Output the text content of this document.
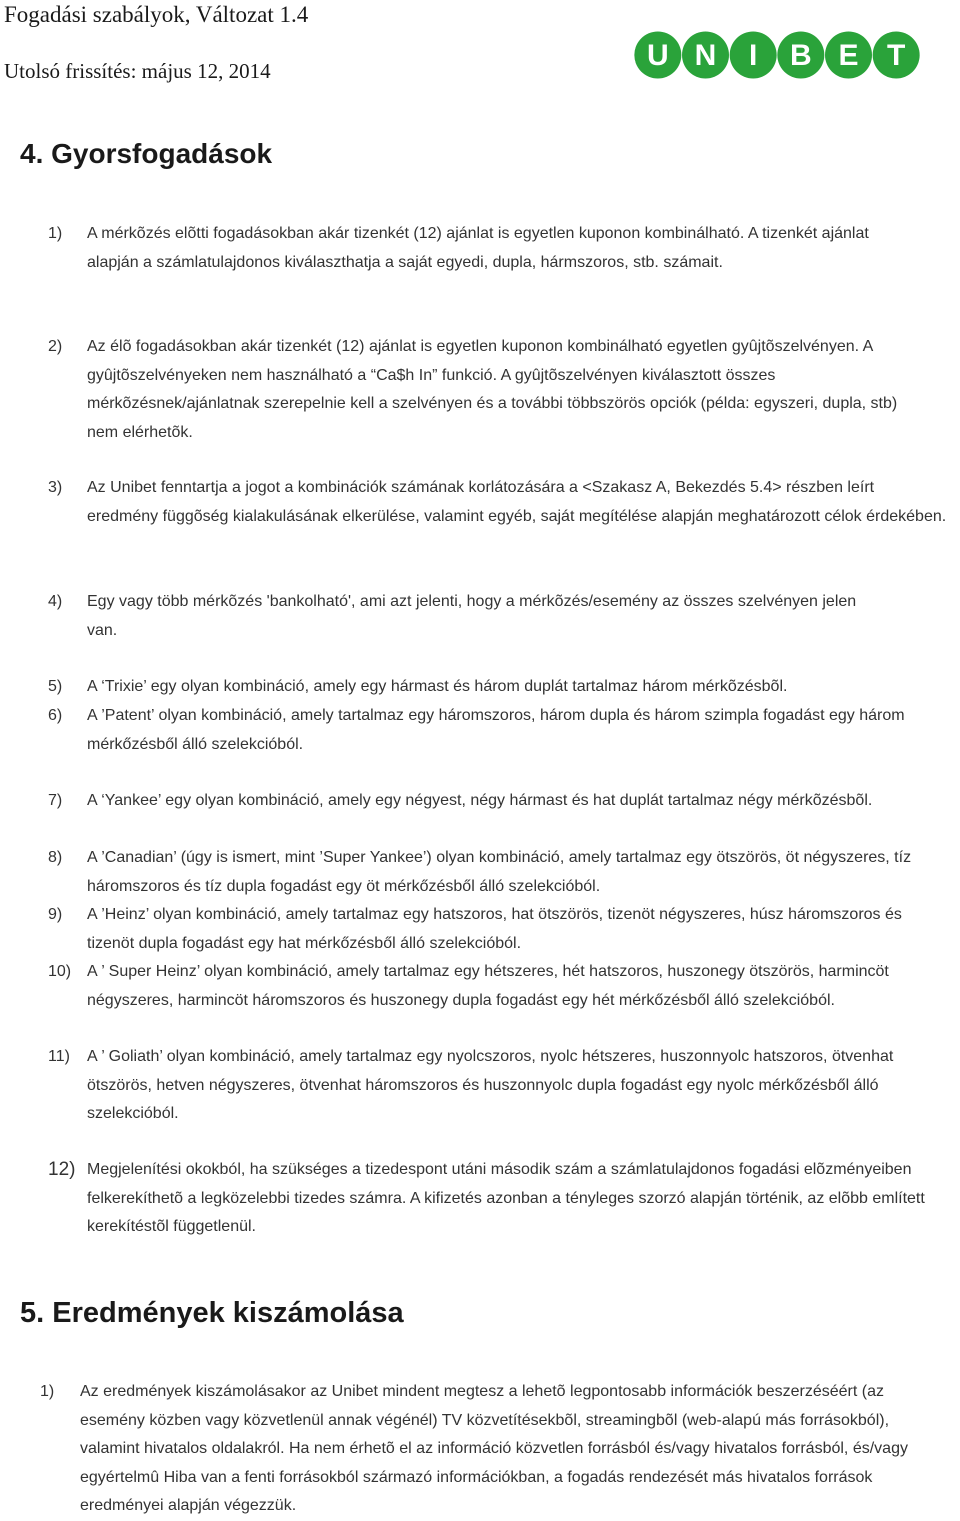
Fogadási szabályok, Változat 1.4
Utolsó frissítés: május 12, 2014	U N I B E T
4. Gyorsfogadások
1) A mérkõzés elõtti fogadásokban akár tizenkét (12) ajánlat is egyetlen kuponon kombinálható. A tizenkét ajánlat alapján a számlatulajdonos kiválaszthatja a saját egyedi, dupla, hármszoros, stb. számait.
2) Az élõ fogadásokban akár tizenkét (12) ajánlat is egyetlen kuponon kombinálható egyetlen gyûjtõszelvényen. A gyûjtõszelvényeken nem használható a “Ca$h In” funkció. A gyûjtõszelvényen kiválasztott összes mérkõzésnek/ajánlatnak szerepelnie kell a szelvényen és a további többszörös opciók (példa: egyszeri, dupla, stb) nem elérhetõk.
3) Az Unibet fenntartja a jogot a kombinációk számának korlátozására a <Szakasz A, Bekezdés 5.4> részben leírt eredmény függõség kialakulásának elkerülése, valamint egyéb, saját megítélése alapján meghatározott célok érdekében.
4) Egy vagy több mérkõzés 'bankolható', ami azt jelenti, hogy a mérkõzés/esemény az összes szelvényen jelen van.
5) A ‘Trixie’ egy olyan kombináció, amely egy hármast és három duplát tartalmaz három mérkõzésbõl.
6) A ’Patent’ olyan kombináció, amely tartalmaz egy háromszoros, három dupla és három szimpla fogadást egy három mérkőzésből álló szelekcióból.
7) A ‘Yankee’ egy olyan kombináció, amely egy négyest, négy hármast és hat duplát tartalmaz négy mérkõzésbõl.
8) A ’Canadian’ (úgy is ismert, mint ’Super Yankee’) olyan kombináció, amely tartalmaz egy ötszörös, öt négyszeres, tíz háromszoros és tíz dupla fogadást egy öt mérkőzésből álló szelekcióból.
9) A ’Heinz’ olyan kombináció, amely tartalmaz egy hatszoros, hat ötszörös, tizenöt négyszeres, húsz háromszoros és tizenöt dupla fogadást egy hat mérkőzésből álló szelekcióból.
10) A ’ Super Heinz’ olyan kombináció, amely tartalmaz egy hétszeres, hét hatszoros, huszonegy ötszörös, harmincöt négyszeres, harmincöt háromszoros és huszonegy dupla fogadást egy hét mérkőzésből álló szelekcióból.
11) A ’ Goliath’ olyan kombináció, amely tartalmaz egy nyolcszoros, nyolc hétszeres, huszonnyolc hatszoros, ötvenhat ötszörös, hetven négyszeres, ötvenhat háromszoros és huszonnyolc dupla fogadást egy nyolc mérkőzésből álló szelekcióból.
12) Megjelenítési okokból, ha szükséges a tizedespont utáni második szám a számlatulajdonos fogadási elõzményeiben felkerekíthetõ a legközelebbi tizedes számra. A kifizetés azonban a tényleges szorzó alapján történik, az elõbb említett kerekítéstõl függetlenül.
5. Eredmények kiszámolása
1) Az eredmények kiszámolásakor az Unibet mindent megtesz a lehetõ legpontosabb információk beszerzéséért (az esemény közben vagy közvetlenül annak végénél) TV közvetítésekbõl, streamingbõl (web-alapú más forrásokból), valamint hivatalos oldalakról. Ha nem érhetõ el az információ közvetlen forrásból és/vagy hivatalos forrásból, és/vagy egyértelmû Hiba van a fenti forrásokból származó információkban, a fogadás rendezését más hivatalos források eredményei alapján végezzük.
